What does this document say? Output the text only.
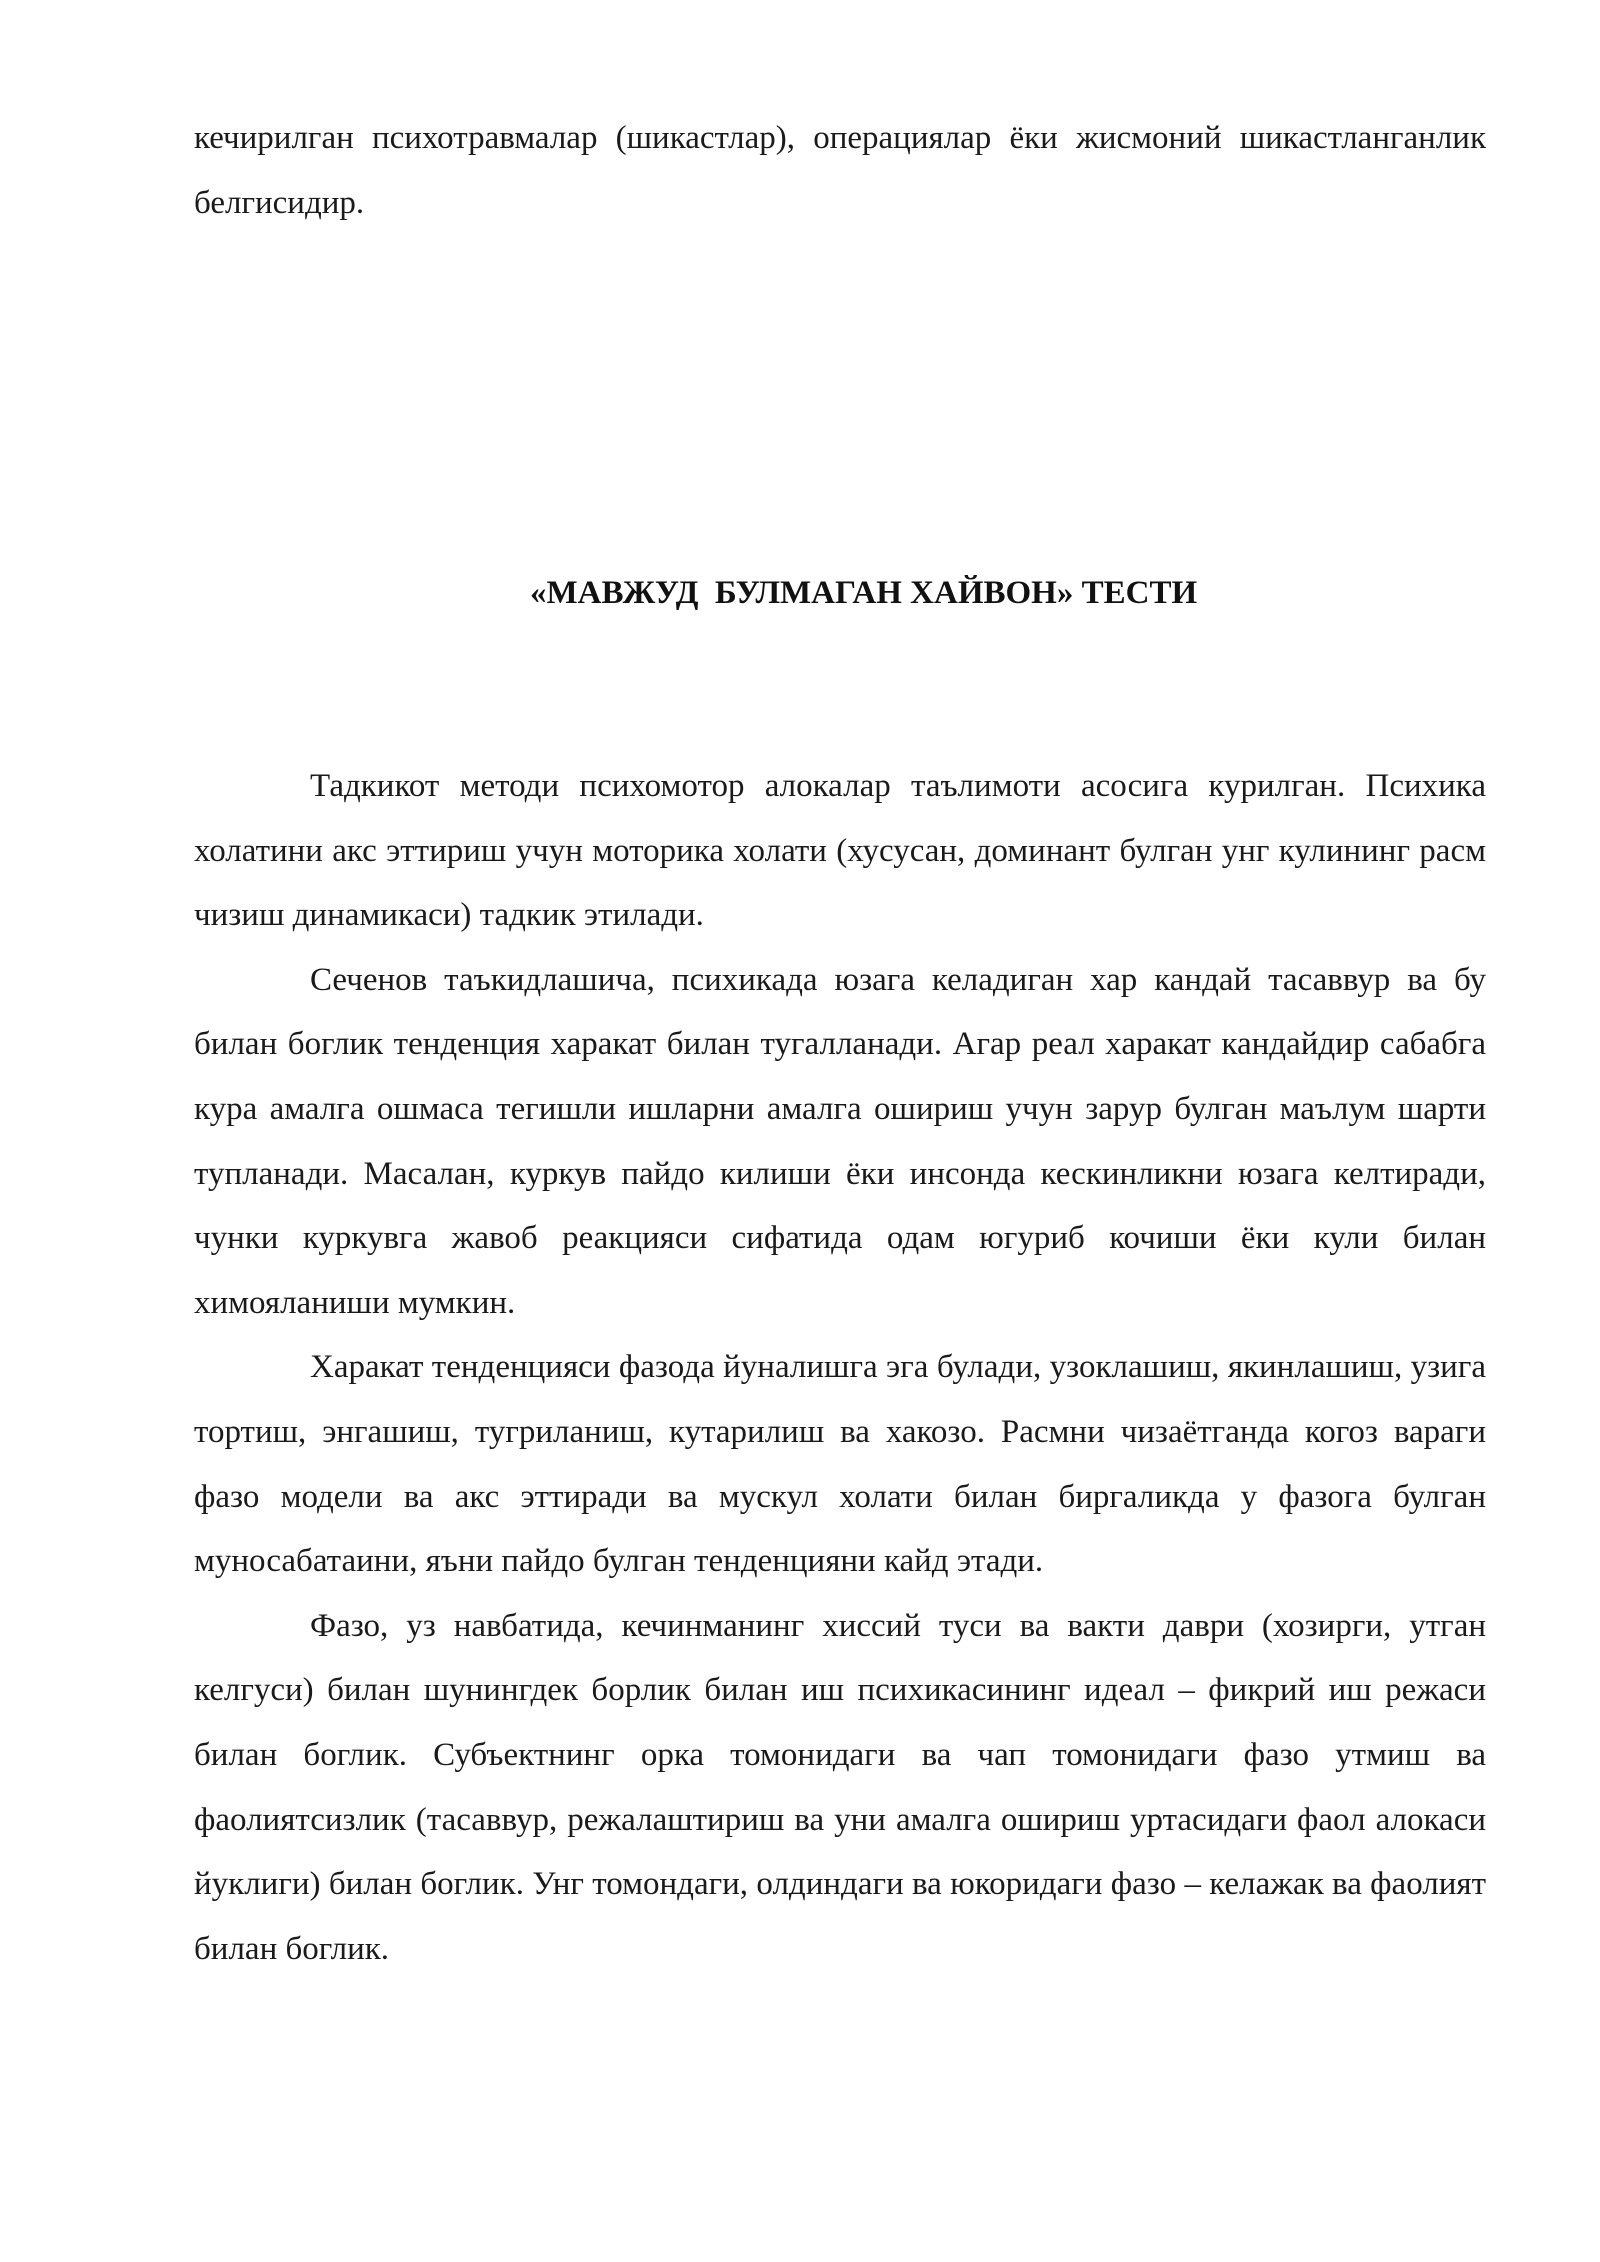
кечирилган психотравмалар (шикастлар), операциялар ёки жисмоний шикастланганлик белгисидир.

«МАВЖУД  БУЛМАГАН ХАЙВОН» ТЕСТИ

Тадкикот методи психомотор алокалар таълимоти асосига курилган. Психика холатини акс эттириш учун моторика холати (хусусан, доминант булган унг кулининг расм чизиш динамикаси) тадкик этилади.

Сеченов таъкидлашича, психикада юзага келадиган хар кандай тасаввур ва бу билан боглик тенденция харакат билан тугалланади. Агар реал харакат кандайдир сабабга кура амалга ошмаса тегишли ишларни амалга ошириш учун зарур булган маълум шарти тупланади. Масалан, куркув пайдо килиши ёки инсонда кескинликни юзага келтиради, чунки куркувга жавоб реакцияси сифатида одам югуриб кочиши ёки кули билан химояланиши мумкин.

Харакат тенденцияси фазода йуналишга эга булади, узоклашиш, якинлашиш, узига тортиш, энгашиш, тугриланиш, кутарилиш ва хакозо. Расмни чизаётганда когоз вараги фазо модели ва акс эттиради ва мускул холати билан биргаликда у фазога булган муносабатаини, яъни пайдо булган тенденцияни кайд этади.

Фазо, уз навбатида, кечинманинг хиссий туси ва вакти даври (хозирги, утган келгуси) билан шунингдек борлик билан иш психикасининг идеал – фикрий иш режаси билан боглик. Субъектнинг орка томонидаги ва чап томонидаги фазо утмиш ва фаолиятсизлик (тасаввур, режалаштириш ва уни амалга ошириш уртасидаги фаол алокаси йуклиги) билан боглик. Унг томондаги, олдиндаги ва юкоридаги фазо – келажак ва фаолият билан боглик.
